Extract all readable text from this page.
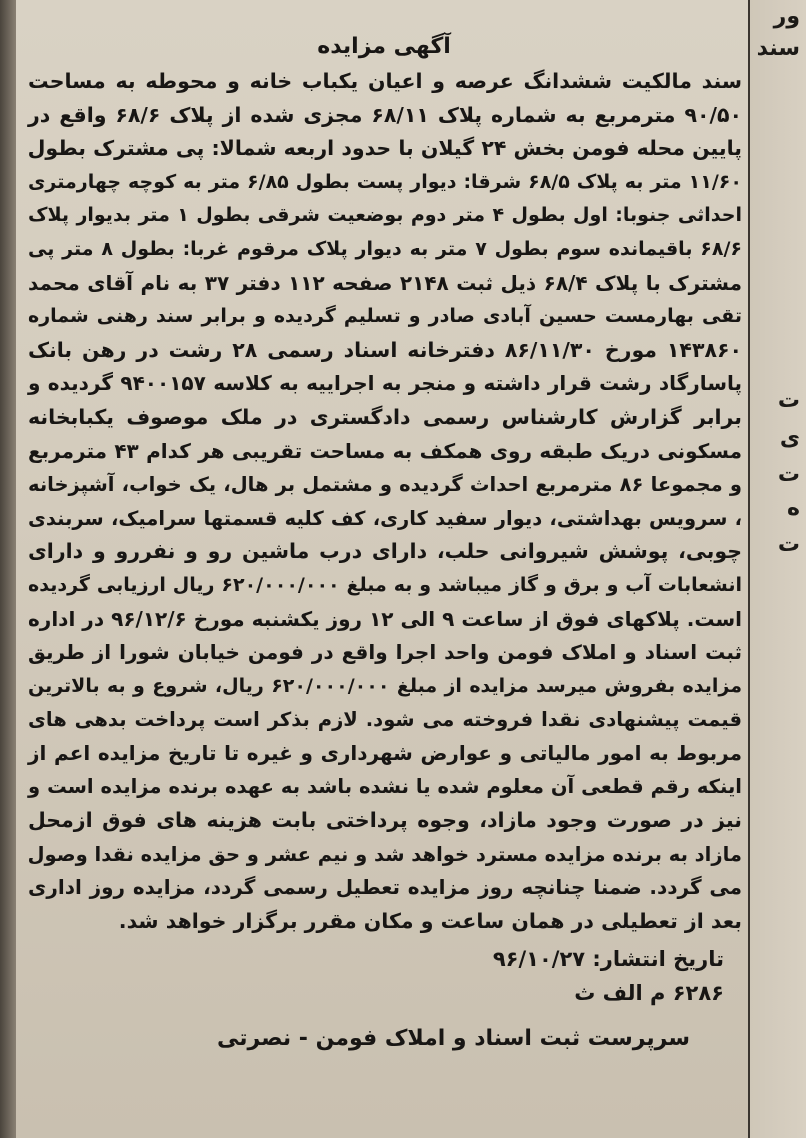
ور
سند
ت
ی
ت
ه
ت
آگهی مزایده

سند مالکیت ششدانگ عرصه و اعیان یکباب خانه و محوطه به مساحت

۹۰/۵۰ مترمربع به شماره پلاک ۶۸/۱۱ مجزی شده از پلاک ۶۸/۶ واقع در

پایین محله فومن بخش ۲۴ گیلان با حدود اربعه شمالا: پی مشترک بطول

۱۱/۶۰ متر به پلاک ۶۸/۵ شرقا: دیوار پست بطول ۶/۸۵ متر به کوچه چهارمتری

احداثی جنوبا: اول بطول ۴ متر دوم بوضعیت شرقی بطول ۱ متر بدیوار پلاک

۶۸/۶ باقیمانده سوم بطول ۷ متر به دیوار پلاک مرقوم غربا: بطول ۸ متر پی

مشترک با پلاک ۶۸/۴ ذیل ثبت ۲۱۴۸ صفحه ۱۱۲ دفتر ۳۷ به نام آقای محمد

تقی بهارمست حسین آبادی صادر و تسلیم گردیده و برابر سند رهنی شماره

۱۴۳۸۶۰ مورخ ۸۶/۱۱/۳۰ دفترخانه اسناد رسمی ۲۸ رشت در رهن بانک

پاسارگاد رشت قرار داشته و منجر به اجراییه به کلاسه ۹۴۰۰۱۵۷ گردیده و

برابر گزارش کارشناس رسمی دادگستری در ملک موصوف یکبابخانه

مسکونی دریک طبقه روی همکف به مساحت تقریبی هر کدام ۴۳ مترمربع

و مجموعا ۸۶ مترمربع احداث گردیده و مشتمل بر هال، یک خواب، آشپزخانه

، سرویس بهداشتی، دیوار سفید کاری، کف کلیه قسمتها سرامیک، سربندی

چوبی، پوشش شیروانی حلب، دارای درب ماشین رو و نفررو و دارای

انشعابات آب و برق و گاز میباشد و به مبلغ ۶۲۰/۰۰۰/۰۰۰ ریال ارزیابی گردیده

است. پلاکهای فوق از ساعت ۹ الی ۱۲ روز یکشنبه مورخ ۹۶/۱۲/۶ در اداره

ثبت اسناد و املاک فومن واحد اجرا واقع در فومن خیابان شورا از طریق

مزایده بفروش میرسد مزایده از مبلغ ۶۲۰/۰۰۰/۰۰۰ ریال، شروع و به بالاترین

قیمت پیشنهادی نقدا فروخته می شود. لازم بذکر است پرداخت بدهی های

مربوط به امور مالیاتی و عوارض شهرداری و غیره تا تاریخ مزایده اعم از

اینکه رقم قطعی آن معلوم شده یا نشده باشد به عهده برنده مزایده است و

نیز در صورت وجود مازاد، وجوه پرداختی بابت هزینه های فوق ازمحل

مازاد به برنده مزایده مسترد خواهد شد و نیم عشر و حق مزایده نقدا وصول

می گردد. ضمنا چنانچه روز مزایده تعطیل رسمی گردد، مزایده روز اداری

بعد از تعطیلی در همان ساعت و مکان مقرر برگزار خواهد شد.

تاریخ انتشار: ۹۶/۱۰/۲۷
۶۲۸۶ م الف ث
سرپرست ثبت اسناد و املاک فومن - نصرتی
